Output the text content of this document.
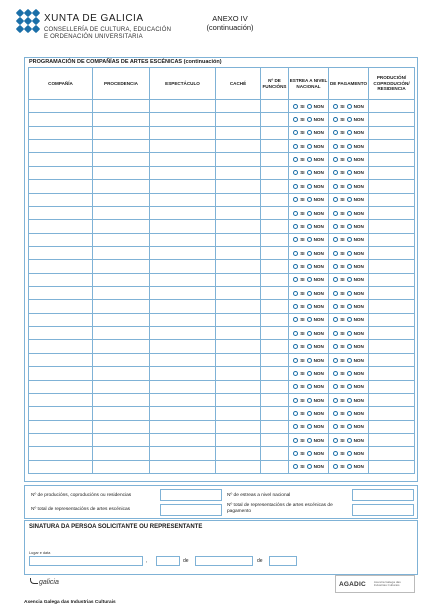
XUNTA DE GALICIA
CONSELLERÍA DE CULTURA, EDUCACIÓN
E ORDENACIÓN UNIVERSITARIA
ANEXO IV
(continuación)
PROGRAMACIÓN DE COMPAÑÍAS DE ARTES ESCÉNICAS (continuación)
COMPAÑÍA	PROCEDENCIA	ESPECTÁCULO	CACHÉ	Nº DE FUNCIÓNS	ESTREA A NIVEL NACIONAL	DE PAGAMENTO	PRODUCIÓN/ COPRODUCIÓN/ RESIDENCIA

					SI NON	SI NON	

					SI NON	SI NON	

					SI NON	SI NON	

					SI NON	SI NON	

					SI NON	SI NON	

					SI NON	SI NON	

					SI NON	SI NON	

					SI NON	SI NON	

					SI NON	SI NON	

					SI NON	SI NON	

					SI NON	SI NON	

					SI NON	SI NON	

					SI NON	SI NON	

					SI NON	SI NON	

					SI NON	SI NON	

					SI NON	SI NON	

					SI NON	SI NON	

					SI NON	SI NON	

					SI NON	SI NON	

					SI NON	SI NON	

					SI NON	SI NON	

					SI NON	SI NON	

					SI NON	SI NON	

					SI NON	SI NON	

					SI NON	SI NON	

					SI NON	SI NON	

					SI NON	SI NON	

					SI NON	SI NON	

Nº de producións, coproducións ou residencias
Nº total de representacións de artes escénicas
Nº de estreas a nivel nacional
Nº total de representacións de artes escénicas de pagamento
SINATURA DA PERSOA SOLICITANTE OU REPRESENTANTE
Lugar e data
,	de	de
galicia	AGADIC	Axencia Galega das Industrias Culturais
Axencia Galega das Industrias Culturais
